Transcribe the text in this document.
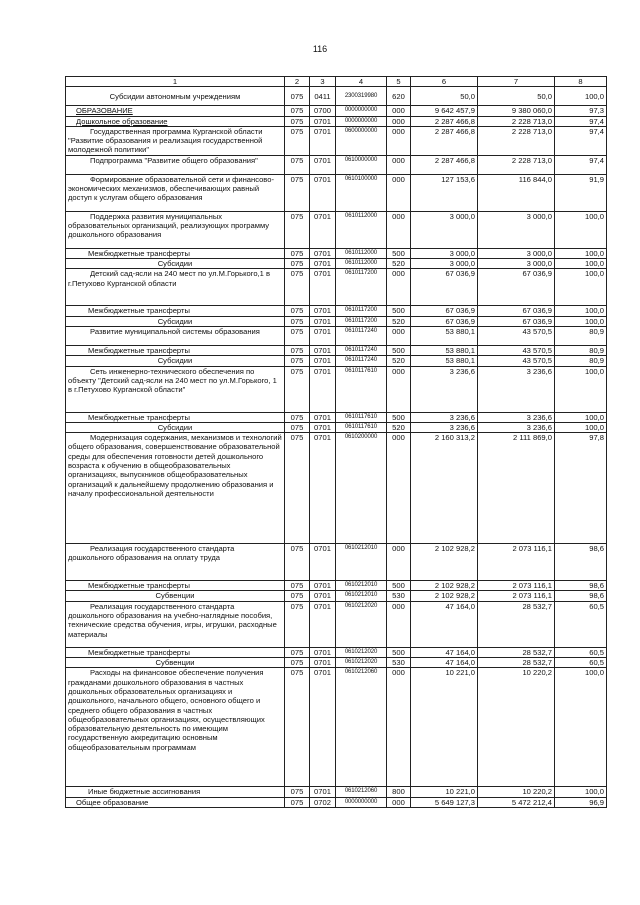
116
1	2	3	4	5	6	7	8
Субсидии автономным учреждениям	075	0411	2300319980	620	50,0	50,0	100,0
ОБРАЗОВАНИЕ	075	0700	0000000000	000	9 642 457,9	9 380 060,0	97,3
Дошкольное образование	075	0701	0000000000	000	2 287 466,8	2 228 713,0	97,4
Государственная программа Курганской области "Развитие образования и реализация государственной молодежной политики"	075	0701	0600000000	000	2 287 466,8	2 228 713,0	97,4
Подпрограмма "Развитие общего образования"	075	0701	0610000000	000	2 287 466,8	2 228 713,0	97,4
Формирование образовательной сети и финансово-экономических механизмов, обеспечивающих равный доступ к услугам общего образования	075	0701	0610100000	000	127 153,6	116 844,0	91,9
Поддержка развития муниципальных образовательных организаций, реализующих программу дошкольного образования	075	0701	0610112000	000	3 000,0	3 000,0	100,0
Межбюджетные трансферты	075	0701	0610112000	500	3 000,0	3 000,0	100,0
Субсидии	075	0701	0610112000	520	3 000,0	3 000,0	100,0
Детский сад-ясли на 240 мест по ул.М.Горького,1 в г.Петухово Курганской области	075	0701	0610117200	000	67 036,9	67 036,9	100,0
Межбюджетные трансферты	075	0701	0610117200	500	67 036,9	67 036,9	100,0
Субсидии	075	0701	0610117200	520	67 036,9	67 036,9	100,0
Развитие муниципальной системы образования	075	0701	0610117240	000	53 880,1	43 570,5	80,9
Межбюджетные трансферты	075	0701	0610117240	500	53 880,1	43 570,5	80,9
Субсидии	075	0701	0610117240	520	53 880,1	43 570,5	80,9
Сеть инженерно-технического обеспечения по объекту "Детский сад-ясли на 240 мест по ул.М.Горького, 1 в г.Петухово Курганской области"	075	0701	0610117610	000	3 236,6	3 236,6	100,0
Межбюджетные трансферты	075	0701	0610117610	500	3 236,6	3 236,6	100,0
Субсидии	075	0701	0610117610	520	3 236,6	3 236,6	100,0
Модернизация содержания, механизмов и технологий общего образования, совершенствование образовательной среды для обеспечения готовности детей дошкольного возраста к обучению в общеобразовательных организациях, выпускников общеобразовательных организаций к дальнейшему продолжению образования и началу профессиональной деятельности	075	0701	0610200000	000	2 160 313,2	2 111 869,0	97,8
Реализация государственного стандарта дошкольного образования на оплату труда	075	0701	0610212010	000	2 102 928,2	2 073 116,1	98,6
Межбюджетные трансферты	075	0701	0610212010	500	2 102 928,2	2 073 116,1	98,6
Субвенции	075	0701	0610212010	530	2 102 928,2	2 073 116,1	98,6
Реализация государственного стандарта дошкольного образования на учебно-наглядные пособия, технические средства обучения, игры, игрушки, расходные материалы	075	0701	0610212020	000	47 164,0	28 532,7	60,5
Межбюджетные трансферты	075	0701	0610212020	500	47 164,0	28 532,7	60,5
Субвенции	075	0701	0610212020	530	47 164,0	28 532,7	60,5
Расходы на финансовое обеспечение получения гражданами дошкольного образования в частных дошкольных образовательных организациях и дошкольного, начального общего, основного общего и среднего общего образования в частных общеобразовательных организациях, осуществляющих образовательную деятельность по имеющим государственную аккредитацию основным общеобразовательным программам	075	0701	0610212060	000	10 221,0	10 220,2	100,0
Иные бюджетные ассигнования	075	0701	0610212060	800	10 221,0	10 220,2	100,0
Общее образование	075	0702	0000000000	000	5 649 127,3	5 472 212,4	96,9
